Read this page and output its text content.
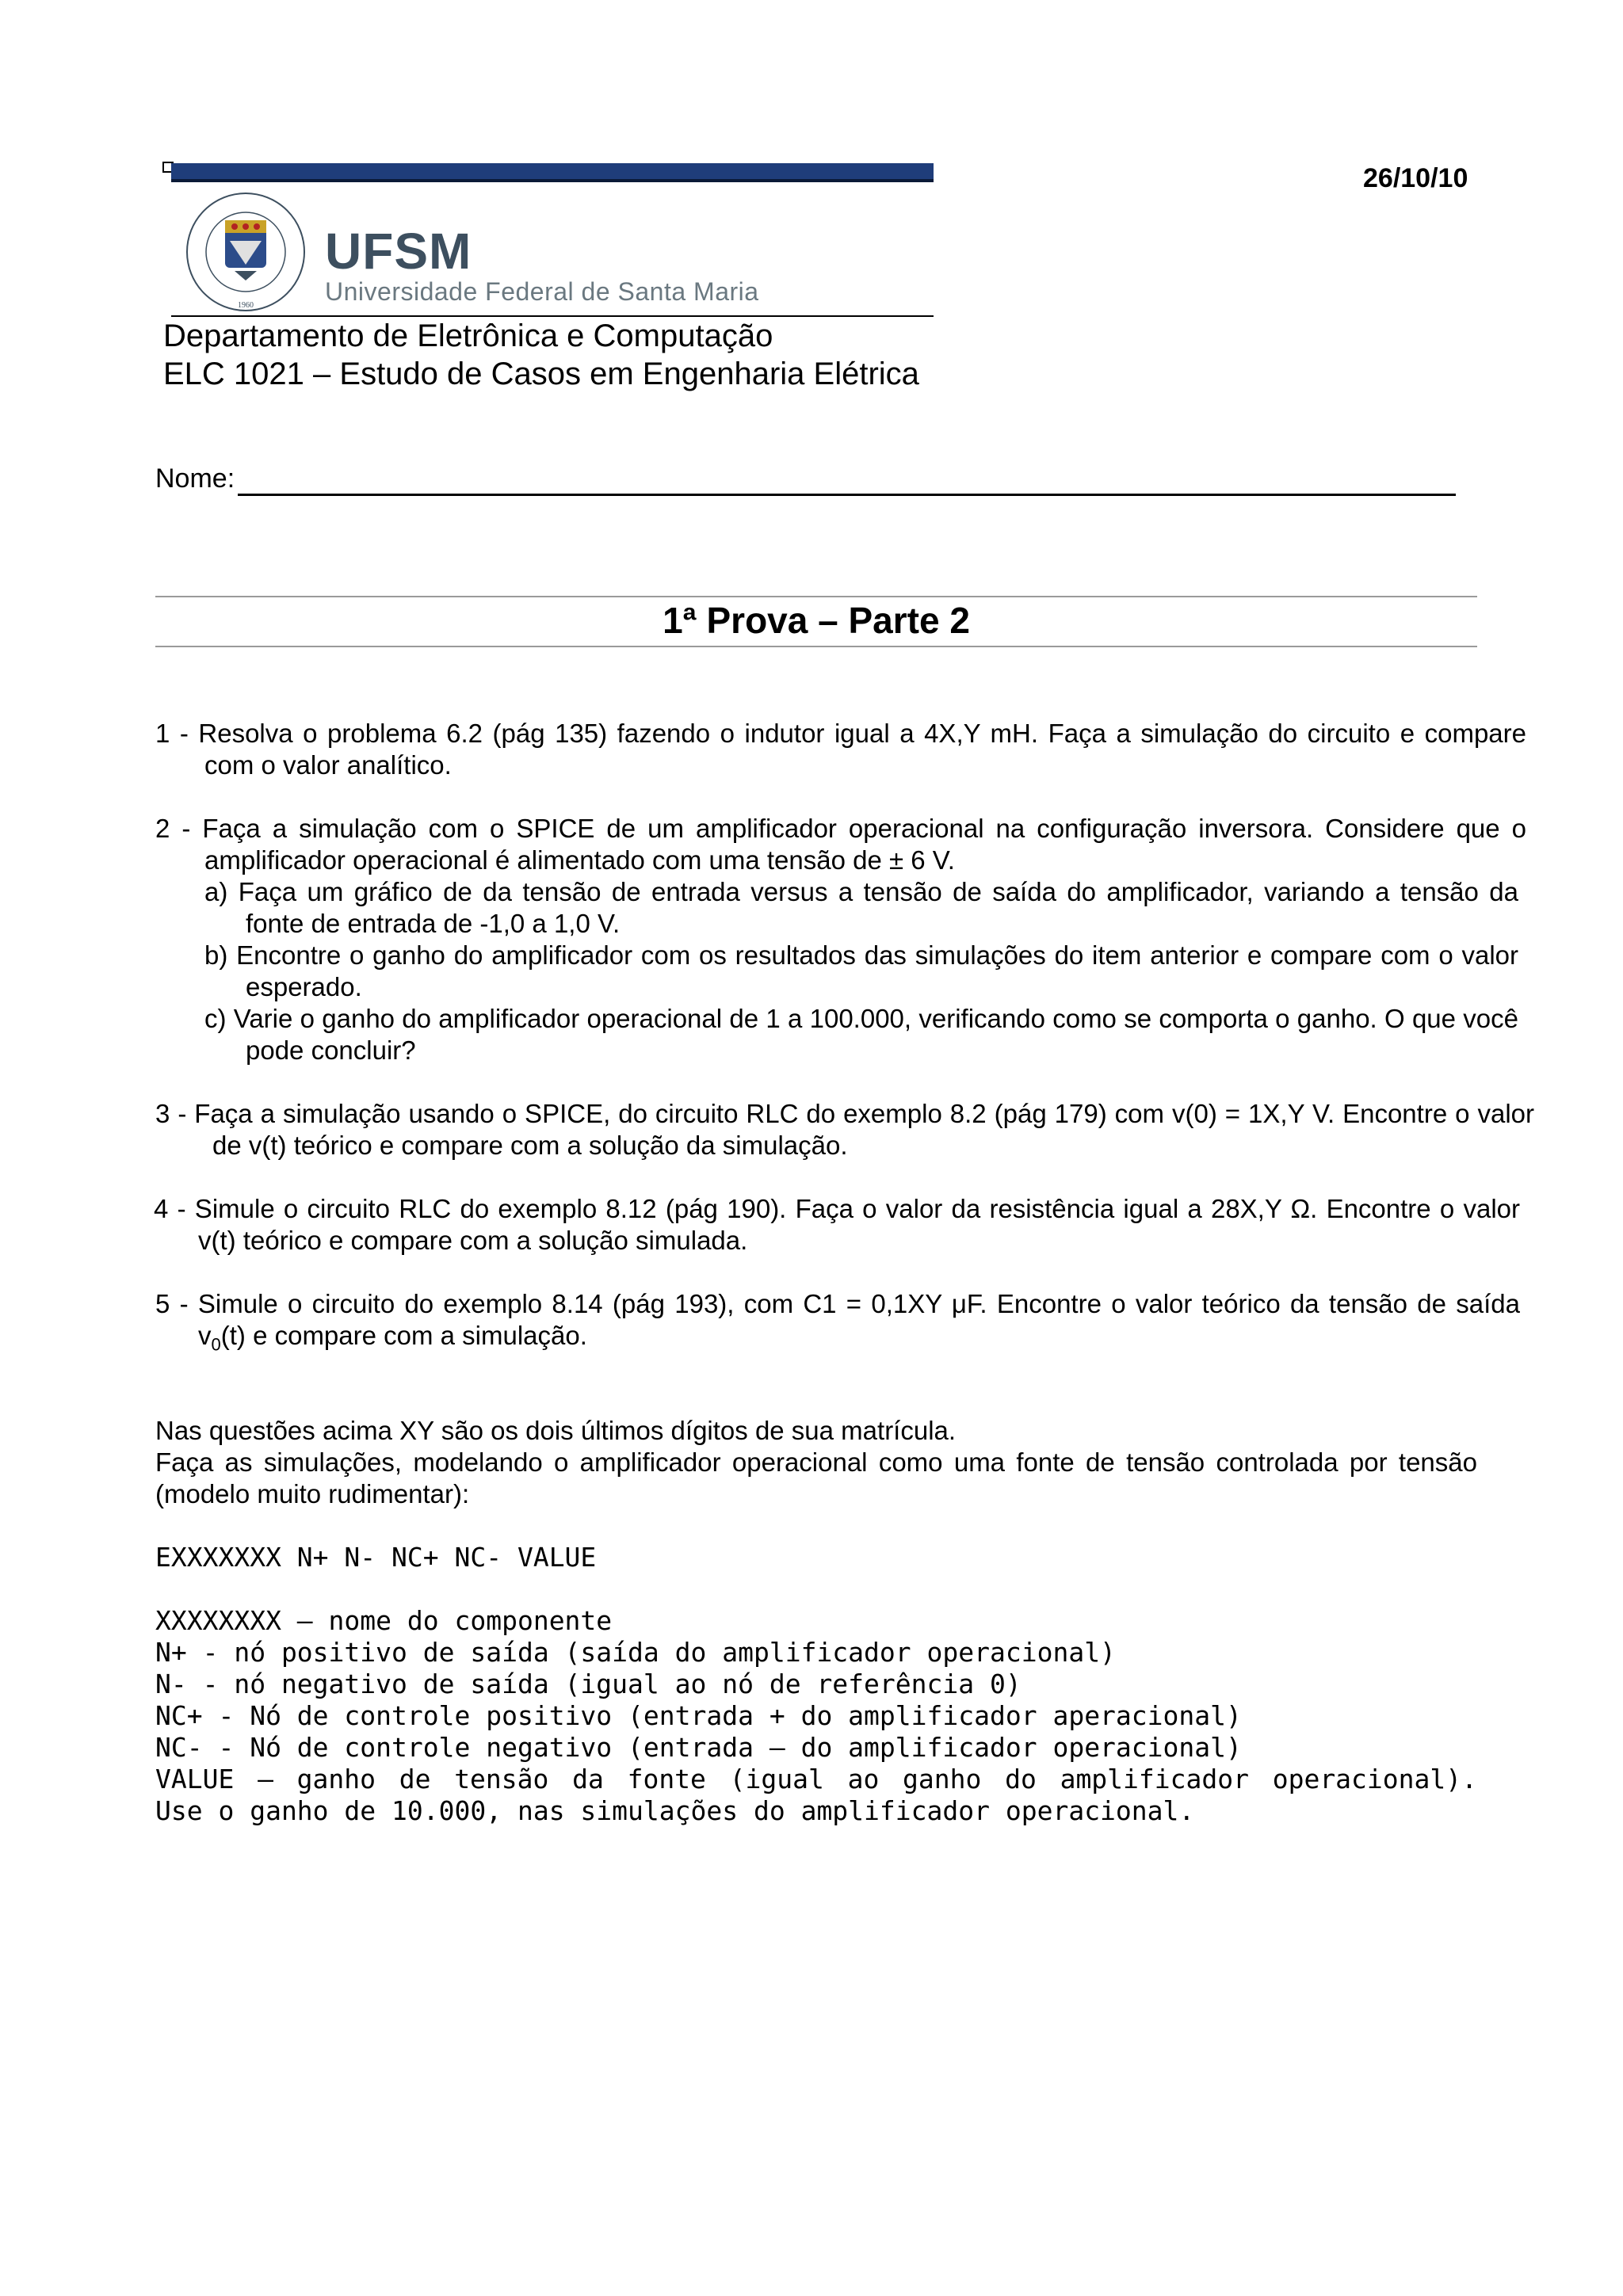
1960
UFSM
Universidade Federal de Santa Maria
26/10/10
Departamento de Eletrônica e Computação
ELC 1021 – Estudo de Casos em Engenharia Elétrica
Nome:
1ª Prova – Parte 2
1 - Resolva o problema 6.2 (pág 135) fazendo o indutor igual a 4X,Y mH. Faça a simulação do circuito e compare com o valor analítico.
2 - Faça a simulação com o SPICE de um amplificador operacional na configuração inversora. Considere que o amplificador operacional é alimentado com uma tensão de ± 6 V.
a) Faça um gráfico de da tensão de entrada versus a tensão de saída do amplificador, variando a tensão da fonte de entrada de -1,0 a 1,0 V.
b) Encontre o ganho do amplificador com os resultados das simulações do item anterior e compare com o valor esperado.
c) Varie o ganho do amplificador operacional de 1 a 100.000, verificando como se comporta o ganho. O que você pode concluir?
3 - Faça a simulação usando o SPICE, do circuito RLC do exemplo 8.2 (pág 179) com v(0) = 1X,Y V. Encontre o valor de v(t) teórico e compare com a solução da simulação.
4 - Simule o circuito RLC do exemplo 8.12 (pág 190). Faça o valor da resistência igual a 28X,Y Ω. Encontre o valor v(t) teórico e compare com a solução simulada.
5 - Simule o circuito do exemplo 8.14 (pág 193), com C1 = 0,1XY μF. Encontre o valor teórico da tensão de saída $v_0(t)$ e compare com a simulação.
Nas questões acima XY são os dois últimos dígitos de sua matrícula.
Faça as simulações, modelando o amplificador operacional como uma fonte de tensão controlada por tensão (modelo muito rudimentar):
EXXXXXXX N+ N- NC+ NC- VALUE
XXXXXXXX – nome do componente
N+ - nó positivo de saída (saída do amplificador operacional)
N- - nó negativo de saída (igual ao nó de referência 0)
NC+ - Nó de controle positivo (entrada + do amplificador aperacional)
NC- - Nó de controle negativo (entrada – do amplificador operacional)
VALUE – ganho de tensão da fonte (igual ao ganho do amplificador operacional).
Use o ganho de 10.000, nas simulações do amplificador operacional.
